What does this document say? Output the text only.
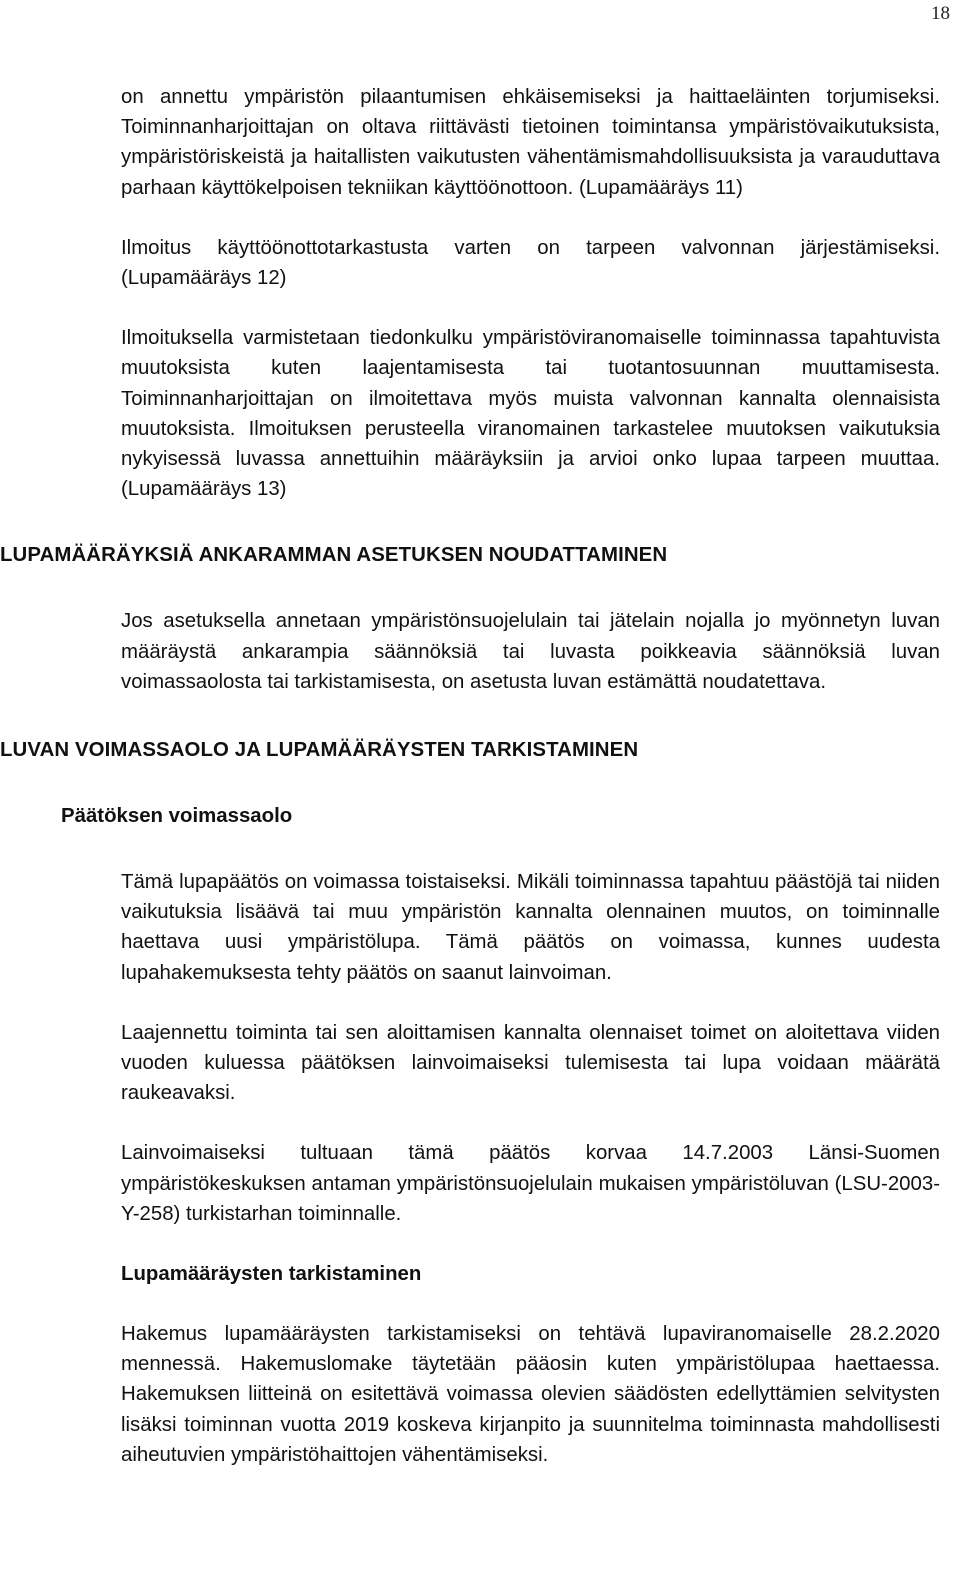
18

on annettu ympäristön pilaantumisen ehkäisemiseksi ja haittaeläinten torjumiseksi. Toiminnanharjoittajan on oltava riittävästi tietoinen toimintansa ympäristövaikutuksista, ympäristöriskeistä ja haitallisten vaikutusten vähentämismahdollisuuksista ja varauduttava parhaan käyttökelpoisen tekniikan käyttöönottoon. (Lupamääräys 11)

Ilmoitus käyttöönottotarkastusta varten on tarpeen valvonnan järjestämiseksi. (Lupamääräys 12)

Ilmoituksella varmistetaan tiedonkulku ympäristöviranomaiselle toiminnassa tapahtuvista muutoksista kuten laajentamisesta tai tuotantosuunnan muuttamisesta. Toiminnanharjoittajan on ilmoitettava myös muista valvonnan kannalta olennaisista muutoksista. Ilmoituksen perusteella viranomainen tarkastelee muutoksen vaikutuksia nykyisessä luvassa annettuihin määräyksiin ja arvioi onko lupaa tarpeen muuttaa. (Lupamääräys 13)

LUPAMÄÄRÄYKSIÄ ANKARAMMAN ASETUKSEN NOUDATTAMINEN

Jos asetuksella annetaan ympäristönsuojelulain tai jätelain nojalla jo myönnetyn luvan määräystä ankarampia säännöksiä tai luvasta poikkeavia säännöksiä luvan voimassaolosta tai tarkistamisesta, on asetusta luvan estämättä noudatettava.

LUVAN VOIMASSAOLO JA LUPAMÄÄRÄYSTEN TARKISTAMINEN
Päätöksen voimassaolo

Tämä lupapäätös on voimassa toistaiseksi. Mikäli toiminnassa tapahtuu päästöjä tai niiden vaikutuksia lisäävä tai muu ympäristön kannalta olennainen muutos, on toiminnalle haettava uusi ympäristölupa. Tämä päätös on voimassa, kunnes uudesta lupahakemuksesta tehty päätös on saanut lainvoiman.

Laajennettu toiminta tai sen aloittamisen kannalta olennaiset toimet on aloitettava viiden vuoden kuluessa päätöksen lainvoimaiseksi tulemisesta tai lupa voidaan määrätä raukeavaksi.

Lainvoimaiseksi tultuaan tämä päätös korvaa 14.7.2003 Länsi-Suomen ympäristökeskuksen antaman ympäristönsuojelulain mukaisen ympäristöluvan (LSU-2003-Y-258) turkistarhan toiminnalle.

Lupamääräysten tarkistaminen

Hakemus lupamääräysten tarkistamiseksi on tehtävä lupaviranomaiselle 28.2.2020 mennessä. Hakemuslomake täytetään pääosin kuten ympäristölupaa haettaessa. Hakemuksen liitteinä on esitettävä voimassa olevien säädösten edellyttämien selvitysten lisäksi toiminnan vuotta 2019 koskeva kirjanpito ja suunnitelma toiminnasta mahdollisesti aiheutuvien ympäristöhaittojen vähentämiseksi.
